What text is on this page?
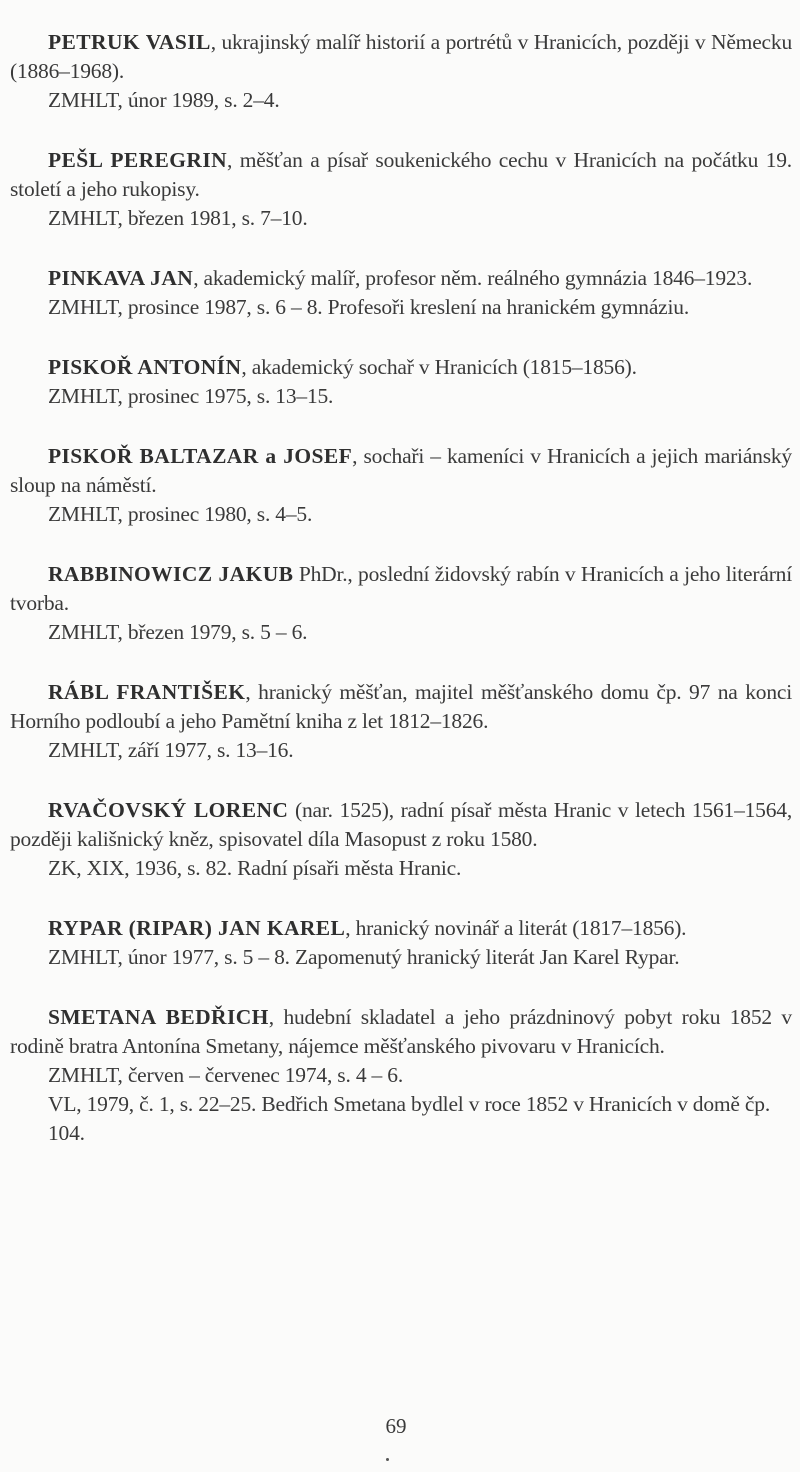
PETRUK VASIL, ukrajinský malíř historií a portrétů v Hranicích, později v Německu (1886–1968).

ZMHLT, únor 1989, s. 2–4.

PEŠL PEREGRIN, měšťan a písař soukenického cechu v Hranicích na počátku 19. století a jeho rukopisy.

ZMHLT, březen 1981, s. 7–10.

PINKAVA JAN, akademický malíř, profesor něm. reálného gymnázia 1846–1923.

ZMHLT, prosince 1987, s. 6 – 8. Profesoři kreslení na hranickém gymnáziu.

PISKOŘ ANTONÍN, akademický sochař v Hranicích (1815–1856).

ZMHLT, prosinec 1975, s. 13–15.

PISKOŘ BALTAZAR a JOSEF, sochaři – kameníci v Hranicích a jejich mariánský sloup na náměstí.

ZMHLT, prosinec 1980, s. 4–5.

RABBINOWICZ JAKUB PhDr., poslední židovský rabín v Hranicích a jeho literární tvorba.

ZMHLT, březen 1979, s. 5 – 6.

RÁBL FRANTIŠEK, hranický měšťan, majitel měšťanského domu čp. 97 na konci Horního podloubí a jeho Pamětní kniha z let 1812–1826.

ZMHLT, září 1977, s. 13–16.

RVAČOVSKÝ LORENC (nar. 1525), radní písař města Hranic v letech 1561–1564, později kališnický kněz, spisovatel díla Masopust z roku 1580.

ZK, XIX, 1936, s. 82. Radní písaři města Hranic.

RYPAR (RIPAR) JAN KAREL, hranický novinář a literát (1817–1856).

ZMHLT, únor 1977, s. 5 – 8. Zapomenutý hranický literát Jan Karel Rypar.

SMETANA BEDŘICH, hudební skladatel a jeho prázdninový pobyt roku 1852 v rodině bratra Antonína Smetany, nájemce měšťanského pivovaru v Hranicích.

ZMHLT, červen – červenec 1974, s. 4 – 6.

VL, 1979, č. 1, s. 22–25. Bedřich Smetana bydlel v roce 1852 v Hranicích v domě čp. 104.

69
